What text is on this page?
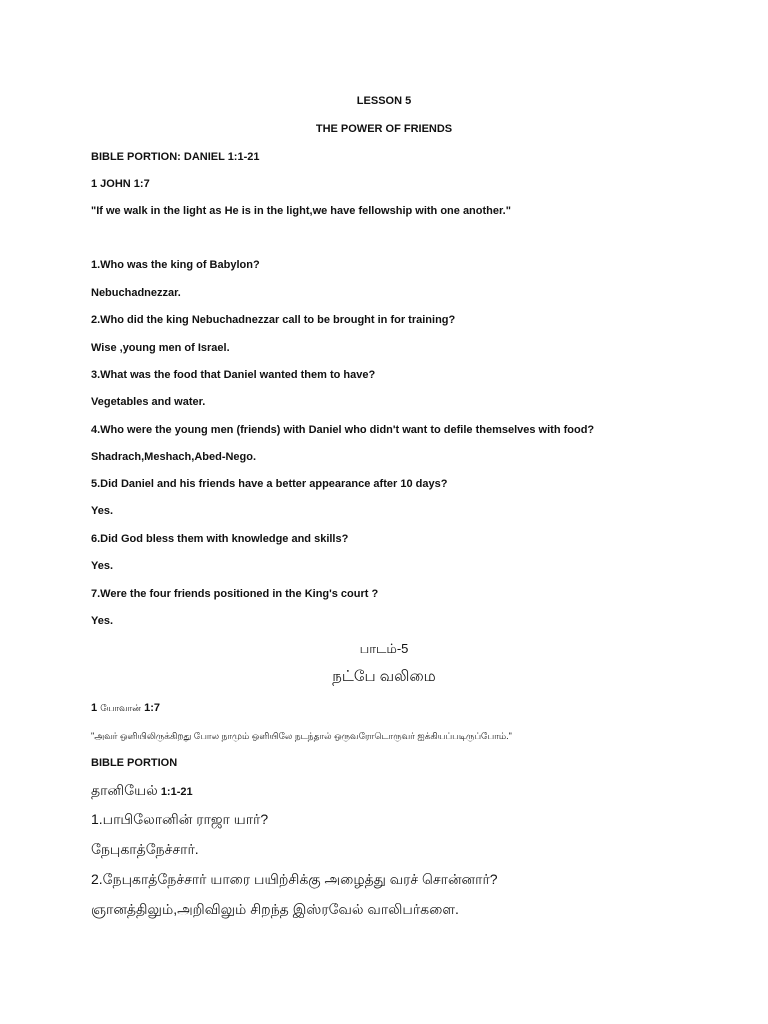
LESSON 5
THE POWER OF FRIENDS
BIBLE PORTION: DANIEL 1:1-21
1 JOHN 1:7
"If we walk in the light as He is in the light,we have fellowship with one another."
1.Who was the king of Babylon?
Nebuchadnezzar.
2.Who did the king Nebuchadnezzar call to be brought in for training?
Wise ,young men of Israel.
3.What was the food that Daniel wanted them to have?
Vegetables and water.
4.Who were the young men (friends) with Daniel who didn't want to defile themselves with food?
Shadrach,Meshach,Abed-Nego.
5.Did Daniel and his friends have a better appearance after 10 days?
Yes.
6.Did God bless them with knowledge and skills?
Yes.
7.Were the four friends positioned in the King's court ?
Yes.
பாடம்-5
நட்பே வலிமை
1 யோவான் 1:7
"அவர் ஒளியிலிருக்கிறது போல நாமும் ஒளியிலே நடந்தால் ஒருவரோடொருவர் ஐக்கியப்படிருப்போம்."
BIBLE PORTION
தானியேல் 1:1-21
1.பாபிலோனின் ராஜா யார்?
நேபுகாத்நேச்சார்.
2.நேபுகாத்நேச்சார் யாரை பயிற்சிக்கு அழைத்து வரச் சொன்னார்?
ஞானத்திலும்,அறிவிலும் சிறந்த இஸ்ரவேல் வாலிபர்களை.
